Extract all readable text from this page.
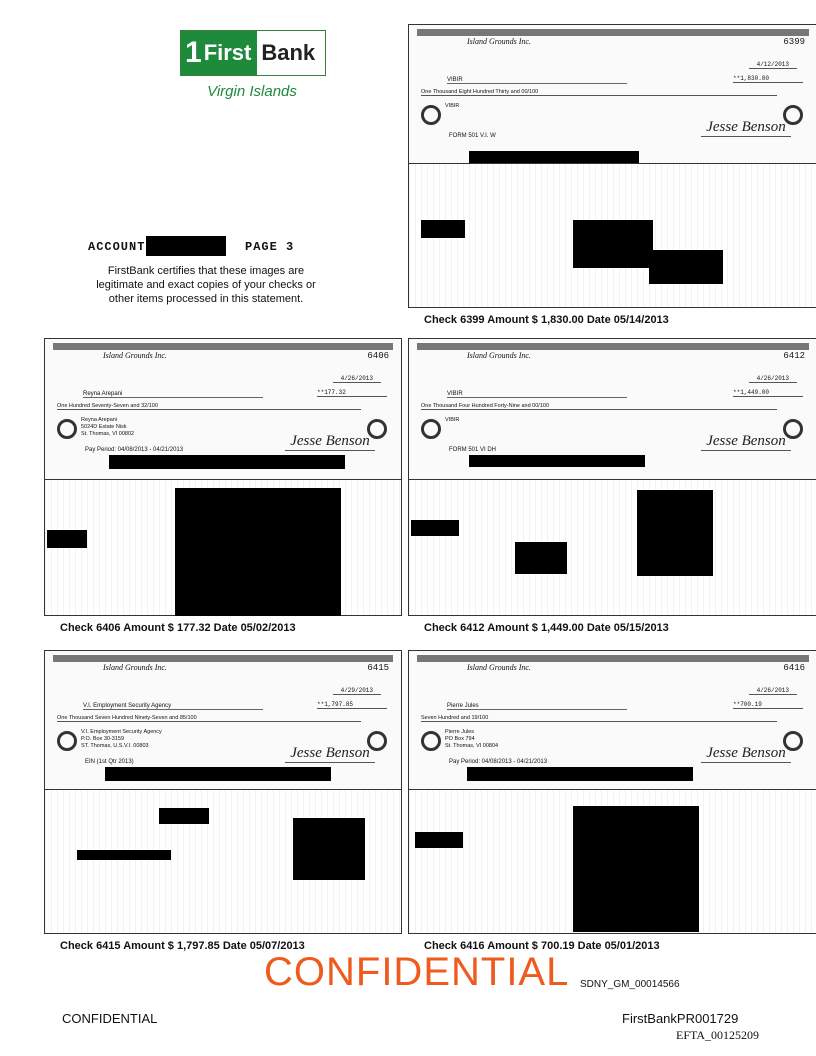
1 First Bank
Virgin Islands
ACCOUNT	PAGE 3
FirstBank certifies that these images are legitimate and exact copies of your checks or other items processed in this statement.
Island Grounds Inc.	6399
4/12/2013
VIBIR	**1,830.00
One Thousand Eight Hundred Thirty and 00/100
VIBIR
FORM 501 V.I. W
Jesse Benson
Check 6399 Amount $ 1,830.00 Date 05/14/2013
Island Grounds Inc.	6406
4/26/2013
Reyna Arepani	**177.32
One Hundred Seventy-Seven and 32/100
Reyna Arepani
5024D Estate Nisk
St. Thomas, VI 00802
Pay Period: 04/08/2013 - 04/21/2013
Jesse Benson
Check 6406 Amount $ 177.32 Date 05/02/2013
Island Grounds Inc.	6412
4/26/2013
VIBIR	**1,449.00
One Thousand Four Hundred Forty-Nine and 00/100
VIBIR
FORM 501 VI DH
Jesse Benson
Check 6412 Amount $ 1,449.00 Date 05/15/2013
Island Grounds Inc.	6415
4/29/2013
V.I. Employment Security Agency	**1,797.85
One Thousand Seven Hundred Ninety-Seven and 85/100
V.I. Employment Security Agency
P.O. Box 30-3159
ST. Thomas, U.S.V.I. 00803
EIN (1st Qtr 2013)
Jesse Benson
Check 6415 Amount $ 1,797.85 Date 05/07/2013
Island Grounds Inc.	6416
4/26/2013
Pierre Jules	**700.19
Seven Hundred and 19/100
Pierre Jules
PO Box 794
St. Thomas, VI 00804
Pay Period: 04/08/2013 - 04/21/2013
Jesse Benson
Check 6416 Amount $ 700.19 Date 05/01/2013
CONFIDENTIAL SDNY_GM_00014566
CONFIDENTIAL	FirstBankPR001729
EFTA_00125209
